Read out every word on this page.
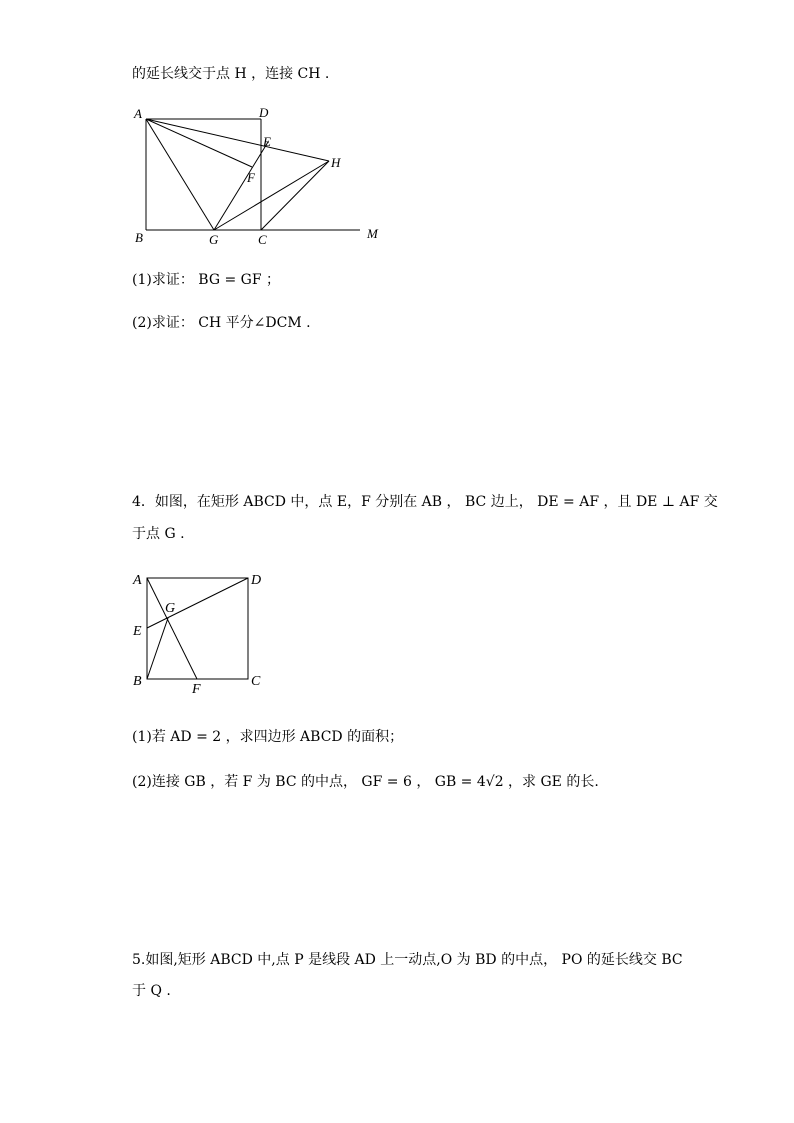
的延长线交于点 H ，连接 CH .
A	D
E
H
F
B	G	C	M
(1)求证： BG = GF ；
(2)求证： CH 平分∠DCM .
4．如图，在矩形 ABCD 中，点 E，F 分别在 AB ， BC 边上， DE = AF ，且 DE ⊥ AF 交
于点 G .
A	D
G
E
B
F
C
(1)若 AD = 2 ，求四边形 ABCD 的面积；
(2)连接 GB ，若 F 为 BC 的中点， GF = 6 ， GB = 4√2 ，求 GE 的长.
5.如图,矩形 ABCD 中,点 P 是线段 AD 上一动点,O 为 BD 的中点， PO 的延长线交 BC
于 Q .
